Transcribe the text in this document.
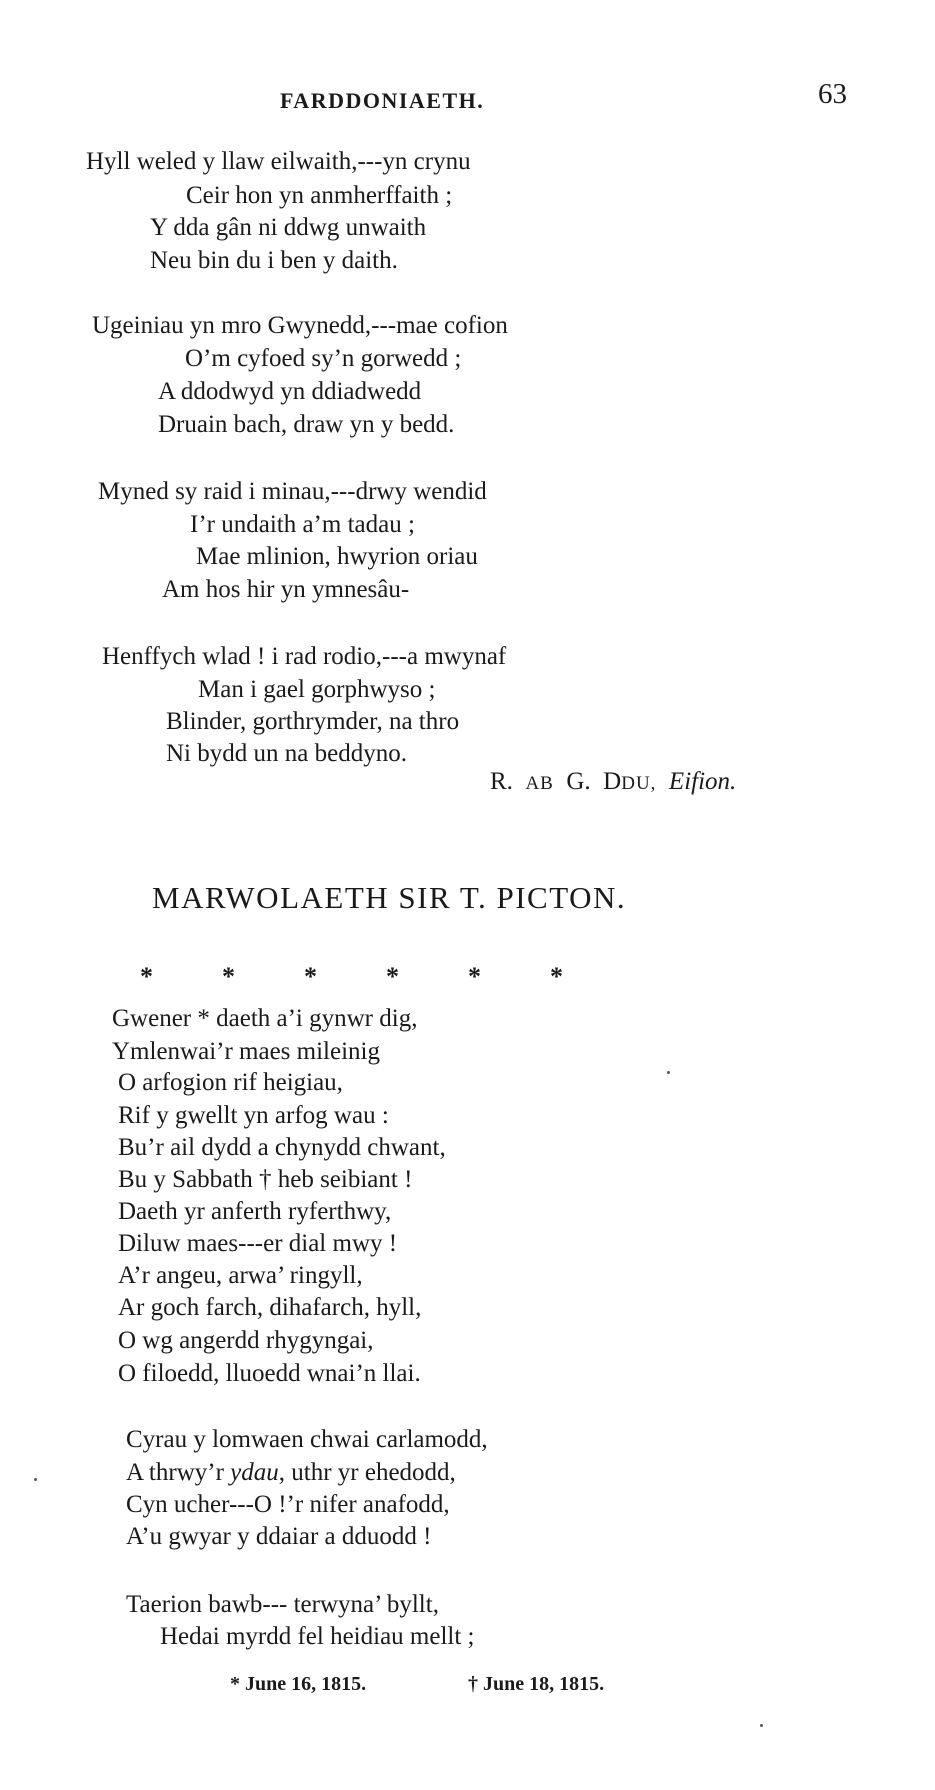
FARDDONIAETH.	63
Hyll weled y llaw eilwaith,---yn crynu
Ceir hon yn anmherffaith ;
Y dda gân ni ddwg unwaith
Neu bin du i ben y daith.
Ugeiniau yn mro Gwynedd,---mae cofion
O’m cyfoed sy’n gorwedd ;
A ddodwyd yn ddiadwedd
Druain bach, draw yn y bedd.
Myned sy raid i minau,---drwy wendid
I’r undaith a’m tadau ;
Mae mlinion, hwyrion oriau
Am hos hir yn ymnesâu-
Henffych wlad ! i rad rodio,---a mwynaf
Man i gael gorphwyso ;
Blinder, gorthrymder, na thro
Ni bydd un na beddyno.
R. AB G. DDU, Eifion.
MARWOLAETH SIR T. PICTON.
*	*	*	*	*	*
Gwener * daeth a’i gynwr dig,
Ymlenwai’r maes mileinig
O arfogion rif heigiau,
Rif y gwellt yn arfog wau :
Bu’r ail dydd a chynydd chwant,
Bu y Sabbath † heb seibiant !
Daeth yr anferth ryferthwy,
Diluw maes---er dial mwy !
A’r angeu, arwa’ ringyll,
Ar goch farch, dihafarch, hyll,
O wg angerdd rhygyngai,
O filoedd, lluoedd wnai’n llai.
Cyrau y lomwaen chwai carlamodd,
A thrwy’r ydau, uthr yr ehedodd,
Cyn ucher---O !’r nifer anafodd,
A’u gwyar y ddaiar a dduodd !
Taerion bawb--- terwyna’ byllt,
Hedai myrdd fel heidiau mellt ;
* June 16, 1815.	† June 18, 1815.
